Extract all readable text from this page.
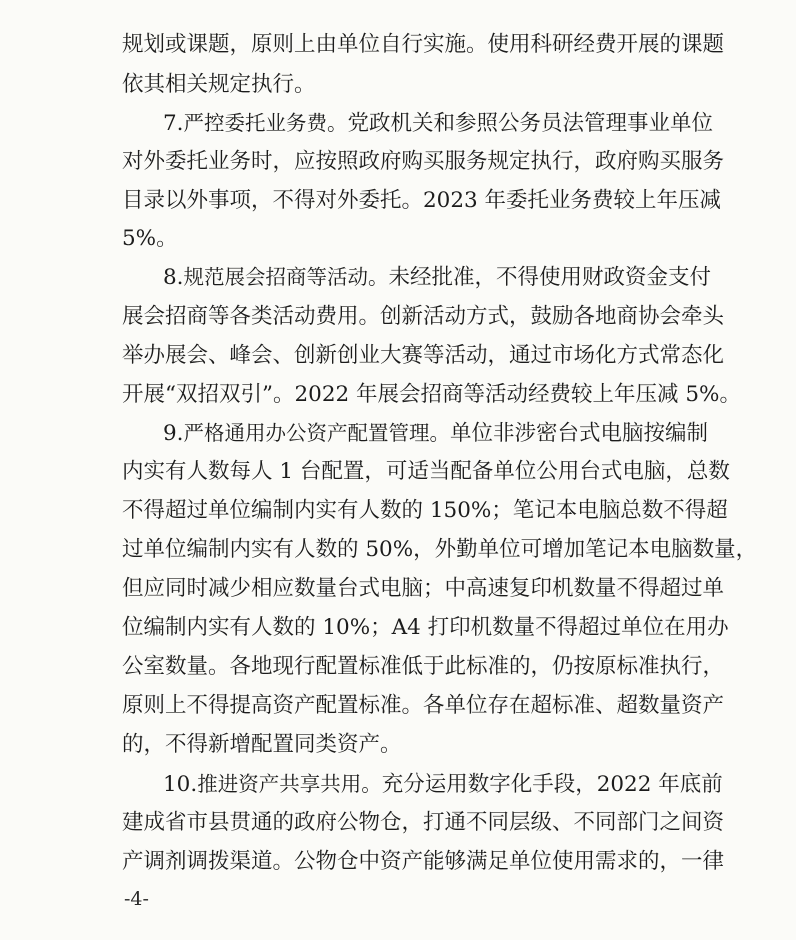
规划或课题，原则上由单位自行实施。使用科研经费开展的课题
依其相关规定执行。
7.严控委托业务费。党政机关和参照公务员法管理事业单位
对外委托业务时，应按照政府购买服务规定执行，政府购买服务
目录以外事项，不得对外委托。2023 年委托业务费较上年压减
5%。
8.规范展会招商等活动。未经批准，不得使用财政资金支付
展会招商等各类活动费用。创新活动方式，鼓励各地商协会牵头
举办展会、峰会、创新创业大赛等活动，通过市场化方式常态化
开展“双招双引”。2022 年展会招商等活动经费较上年压减 5%。
9.严格通用办公资产配置管理。单位非涉密台式电脑按编制
内实有人数每人 1 台配置，可适当配备单位公用台式电脑，总数
不得超过单位编制内实有人数的 150%；笔记本电脑总数不得超
过单位编制内实有人数的 50%，外勤单位可增加笔记本电脑数量，
但应同时减少相应数量台式电脑；中高速复印机数量不得超过单
位编制内实有人数的 10%；A4 打印机数量不得超过单位在用办
公室数量。各地现行配置标准低于此标准的，仍按原标准执行，
原则上不得提高资产配置标准。各单位存在超标准、超数量资产
的，不得新增配置同类资产。
10.推进资产共享共用。充分运用数字化手段，2022 年底前
建成省市县贯通的政府公物仓，打通不同层级、不同部门之间资
产调剂调拨渠道。公物仓中资产能够满足单位使用需求的，一律
-4-
